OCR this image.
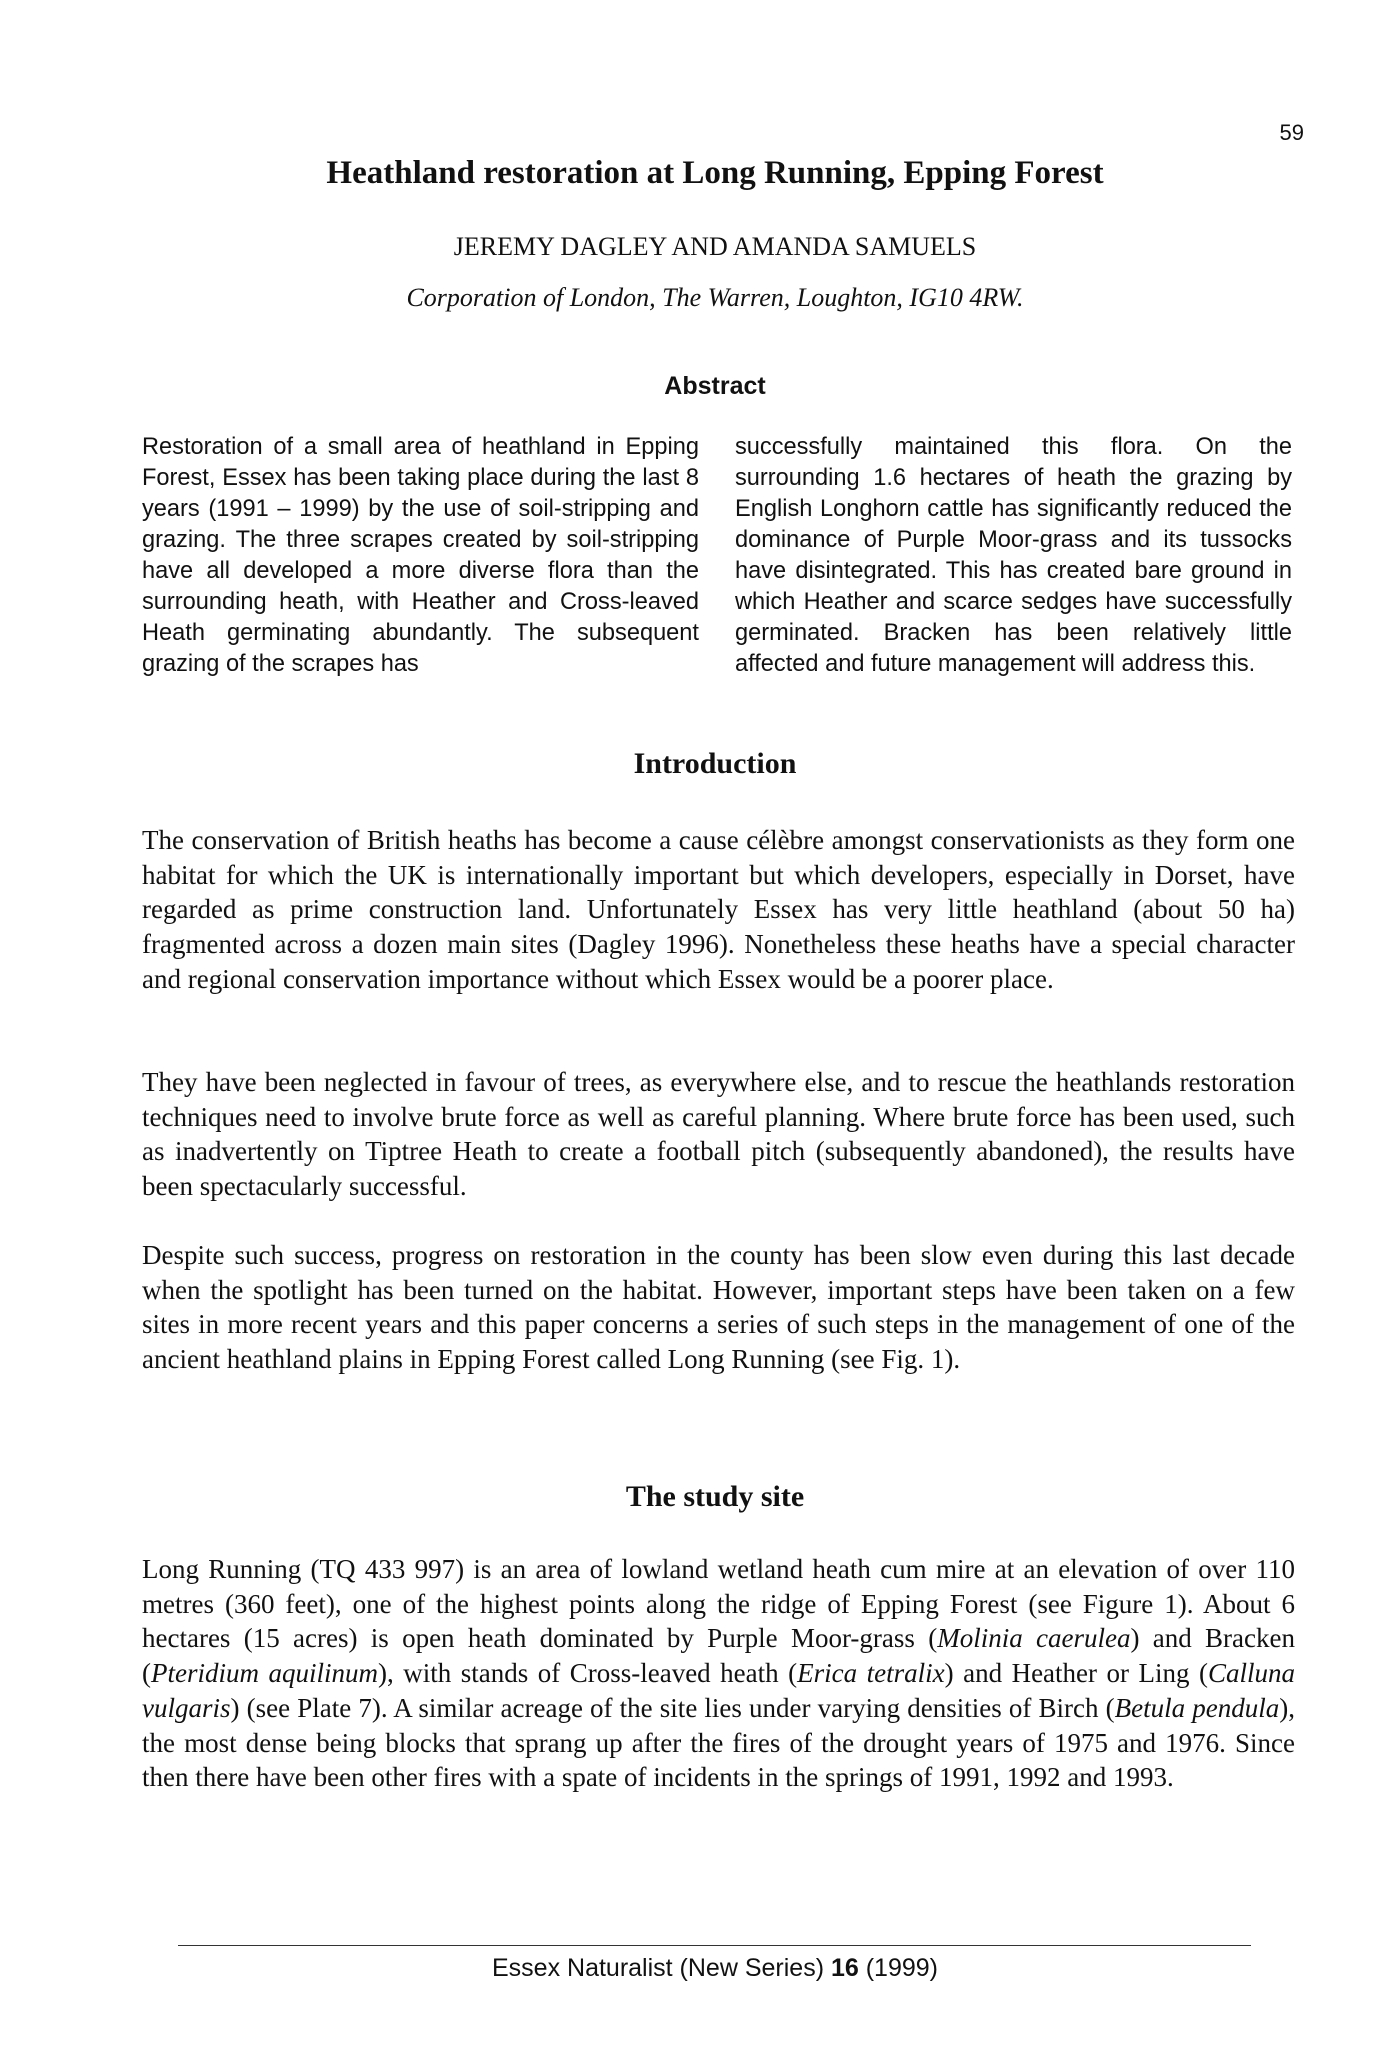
59
Heathland restoration at Long Running, Epping Forest
JEREMY DAGLEY AND AMANDA SAMUELS
Corporation of London, The Warren, Loughton, IG10 4RW.
Abstract

Restoration of a small area of heathland in Epping Forest, Essex has been taking place during the last 8 years (1991 – 1999) by the use of soil-stripping and grazing. The three scrapes created by soil-stripping have all developed a more diverse flora than the surrounding heath, with Heather and Cross-leaved Heath germinating abundantly. The subsequent grazing of the scrapes has

successfully maintained this flora. On the surrounding 1.6 hectares of heath the grazing by English Longhorn cattle has significantly reduced the dominance of Purple Moor-grass and its tussocks have disintegrated. This has created bare ground in which Heather and scarce sedges have successfully germinated. Bracken has been relatively little affected and future management will address this.

Introduction

The conservation of British heaths has become a cause célèbre amongst conservationists as they form one habitat for which the UK is internationally important but which developers, especially in Dorset, have regarded as prime construction land. Unfortunately Essex has very little heathland (about 50 ha) fragmented across a dozen main sites (Dagley 1996). Nonetheless these heaths have a special character and regional conservation importance without which Essex would be a poorer place.

They have been neglected in favour of trees, as everywhere else, and to rescue the heathlands restoration techniques need to involve brute force as well as careful planning. Where brute force has been used, such as inadvertently on Tiptree Heath to create a football pitch (subsequently abandoned), the results have been spectacularly successful.

Despite such success, progress on restoration in the county has been slow even during this last decade when the spotlight has been turned on the habitat. However, important steps have been taken on a few sites in more recent years and this paper concerns a series of such steps in the management of one of the ancient heathland plains in Epping Forest called Long Running (see Fig. 1).

The study site

Long Running (TQ 433 997) is an area of lowland wetland heath cum mire at an elevation of over 110 metres (360 feet), one of the highest points along the ridge of Epping Forest (see Figure 1). About 6 hectares (15 acres) is open heath dominated by Purple Moor-grass (Molinia caerulea) and Bracken (Pteridium aquilinum), with stands of Cross-leaved heath (Erica tetralix) and Heather or Ling (Calluna vulgaris) (see Plate 7). A similar acreage of the site lies under varying densities of Birch (Betula pendula), the most dense being blocks that sprang up after the fires of the drought years of 1975 and 1976. Since then there have been other fires with a spate of incidents in the springs of 1991, 1992 and 1993.

Essex Naturalist (New Series) 16 (1999)
